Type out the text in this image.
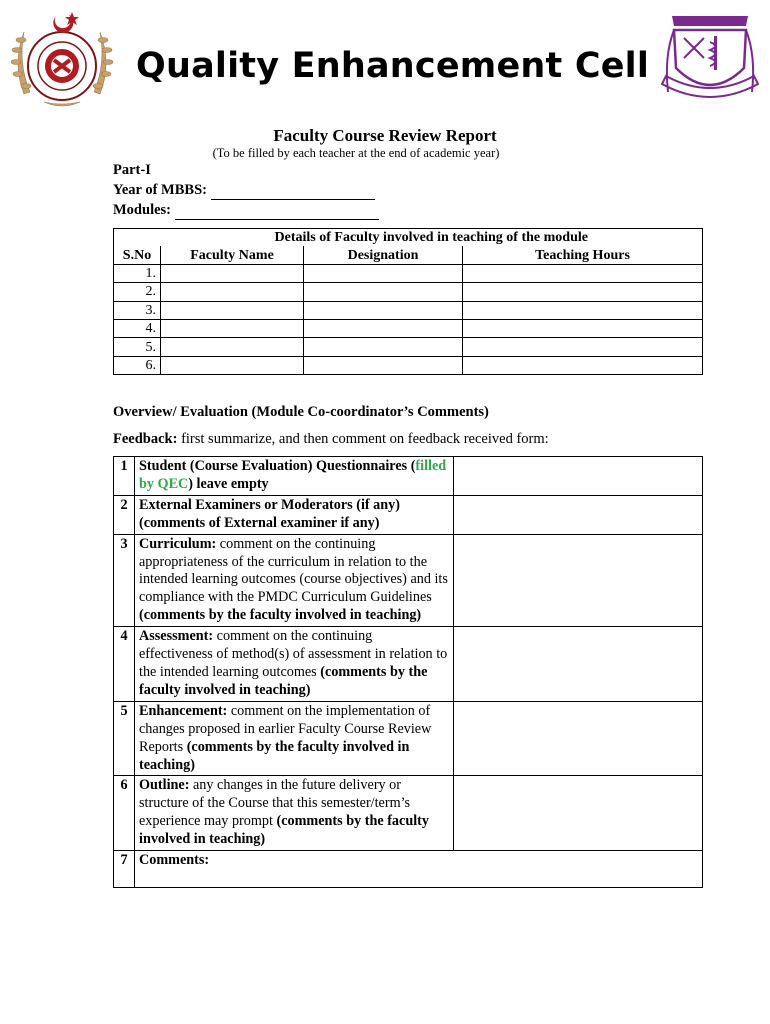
Quality Enhancement Cell
Faculty Course Review Report
(To be filled by each teacher at the end of academic year)
Part-I
Year of MBBS:
Modules:
	Details of Faculty involved in teaching of the module		
S.No	Faculty Name	Designation	Teaching Hours
1.			
2.			
3.			
4.			
5.			
6.			
Overview/ Evaluation (Module Co-coordinator’s Comments)
Feedback: first summarize, and then comment on feedback received form:
1	Student (Course Evaluation) Questionnaires (filled by QEC) leave empty	
2	External Examiners or Moderators (if any) (comments of External examiner if any)	
3	Curriculum: comment on the continuing appropriateness of the curriculum in relation to the intended learning outcomes (course objectives) and its compliance with the PMDC Curriculum Guidelines (comments by the faculty involved in teaching)	
4	Assessment: comment on the continuing effectiveness of method(s) of assessment in relation to the intended learning outcomes (comments by the faculty involved in teaching)	
5	Enhancement: comment on the implementation of changes proposed in earlier Faculty Course Review Reports (comments by the faculty involved in teaching)	
6	Outline: any changes in the future delivery or structure of the Course that this semester/term’s experience may prompt (comments by the faculty involved in teaching)	
7	Comments:	
